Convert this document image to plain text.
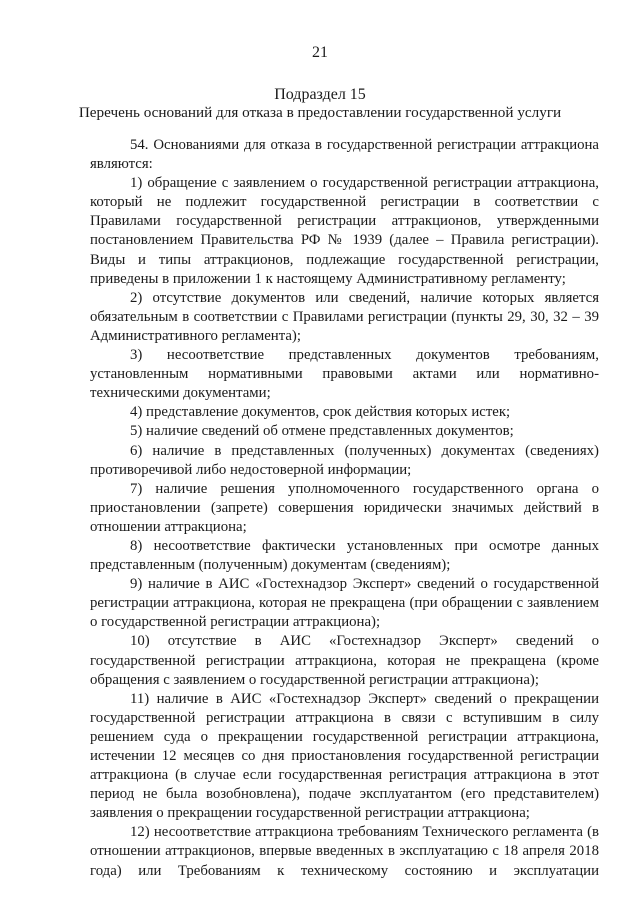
21
Подраздел 15
Перечень оснований для отказа в предоставлении государственной услуги

54. Основаниями для отказа в государственной регистрации аттракциона являются:

1) обращение с заявлением о государственной регистрации аттракциона, который не подлежит государственной регистрации в соответствии с Правилами государственной регистрации аттракционов, утвержденными постановлением Правительства РФ № 1939 (далее – Правила регистрации). Виды и типы аттракционов, подлежащие государственной регистрации, приведены в приложении 1 к настоящему Административному регламенту;

2) отсутствие документов или сведений, наличие которых является обязательным в соответствии с Правилами регистрации (пункты 29, 30, 32 – 39 Административного регламента);

3) несоответствие представленных документов требованиям, установленным нормативными правовыми актами или нормативно-техническими документами;

4) представление документов, срок действия которых истек;

5) наличие сведений об отмене представленных документов;

6) наличие в представленных (полученных) документах (сведениях) противоречивой либо недостоверной информации;

7) наличие решения уполномоченного государственного органа о приостановлении (запрете) совершения юридически значимых действий в отношении аттракциона;

8) несоответствие фактически установленных при осмотре данных представленным (полученным) документам (сведениям);

9) наличие в АИС «Гостехнадзор Эксперт» сведений о государственной регистрации аттракциона, которая не прекращена (при обращении с заявлением о государственной регистрации аттракциона);

10) отсутствие в АИС «Гостехнадзор Эксперт» сведений о государственной регистрации аттракциона, которая не прекращена (кроме обращения с заявлением о государственной регистрации аттракциона);

11) наличие в АИС «Гостехнадзор Эксперт» сведений о прекращении государственной регистрации аттракциона в связи с вступившим в силу решением суда о прекращении государственной регистрации аттракциона, истечении 12 месяцев со дня приостановления государственной регистрации аттракциона (в случае если государственная регистрация аттракциона в этот период не была возобновлена), подаче эксплуатантом (его представителем) заявления о прекращении государственной регистрации аттракциона;

12) несоответствие аттракциона требованиям Технического регламента (в отношении аттракционов, впервые введенных в эксплуатацию с 18 апреля 2018 года) или Требованиям к техническому состоянию и эксплуатации
